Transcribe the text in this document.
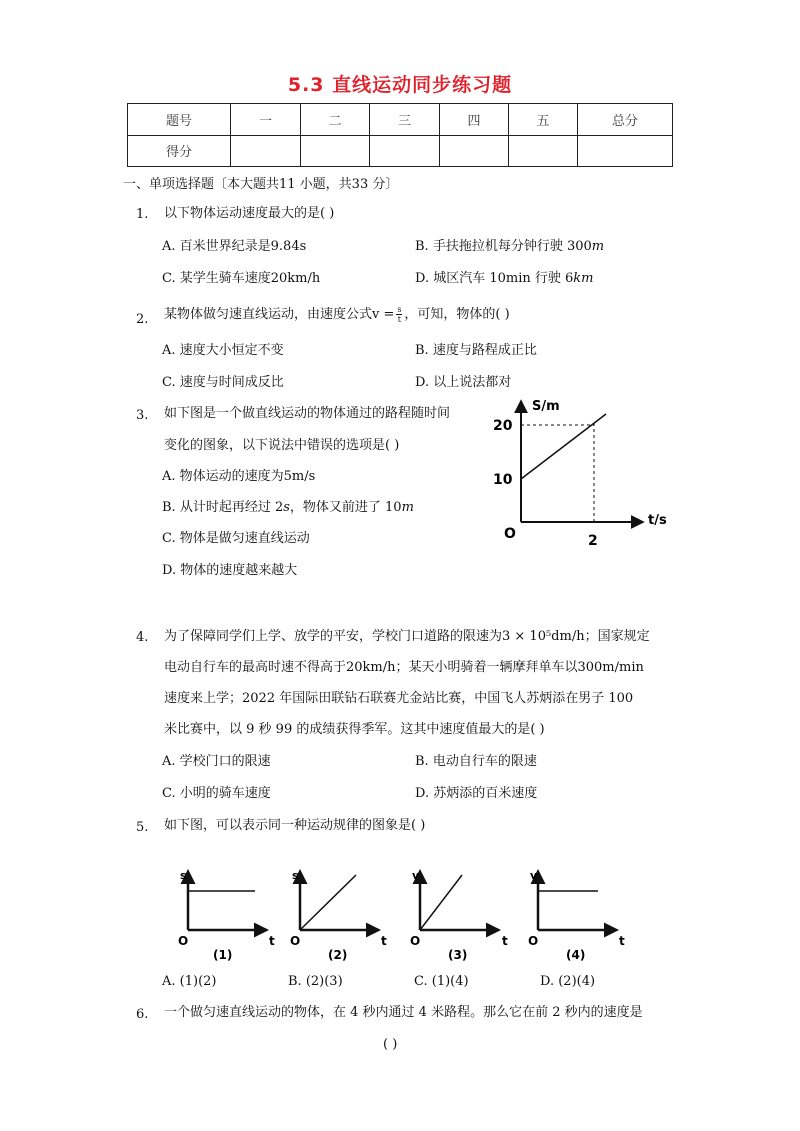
5.3 直线运动同步练习题
题号	一	二	三	四	五	总分
得分						
一、单项选择题〔本大题共11 小题，共33 分〕
1. 以下物体运动速度最大的是( )
A. 百米世界纪录是9.84s	B. 手扶拖拉机每分钟行驶 300𝑚
C. 某学生骑车速度20km/h	D. 城区汽车 10min 行驶 6𝑘𝑚
2. 某物体做匀速直线运动，由速度公式$v = \frac{s}{t}$ ，可知，物体的( )
A. 速度大小恒定不变	B. 速度与路程成正比
C. 速度与时间成反比	D. 以上说法都对
3. 如下图是一个做直线运动的物体通过的路程随时间
变化的图象，以下说法中错误的选项是( )
A. 物体运动的速度为5m/s
B. 从计时起再经过 2𝑠，物体又前进了 10𝑚
C. 物体是做匀速直线运动
D. 物体的速度越来越大
S/m
20
10
O	2
t/s
4. 为了保障同学们上学、放学的平安，学校门口道路的限速为3 × 10⁵dm/h；国家规定
电动自行车的最高时速不得高于20km/h；某天小明骑着一辆摩拜单车以300m/min
速度来上学；2022 年国际田联钻石联赛尤金站比赛，中国飞人苏炳添在男子 100
米比赛中，以 9 秒 99 的成绩获得季军。这其中速度值最大的是( )
A. 学校门口的限速	B. 电动自行车的限速
C. 小明的骑车速度	D. 苏炳添的百米速度
5. 如下图，可以表示同一种运动规律的图象是( )
s
t
O
(1)
s
t
O
(2)
v
t
O
(3)
v
t
O
(4)
A. (1)(2)	B. (2)(3)	C. (1)(4)	D. (2)(4)
6. 一个做匀速直线运动的物体，在 4 秒内通过 4 米路程。那么它在前 2 秒内的速度是
( )
